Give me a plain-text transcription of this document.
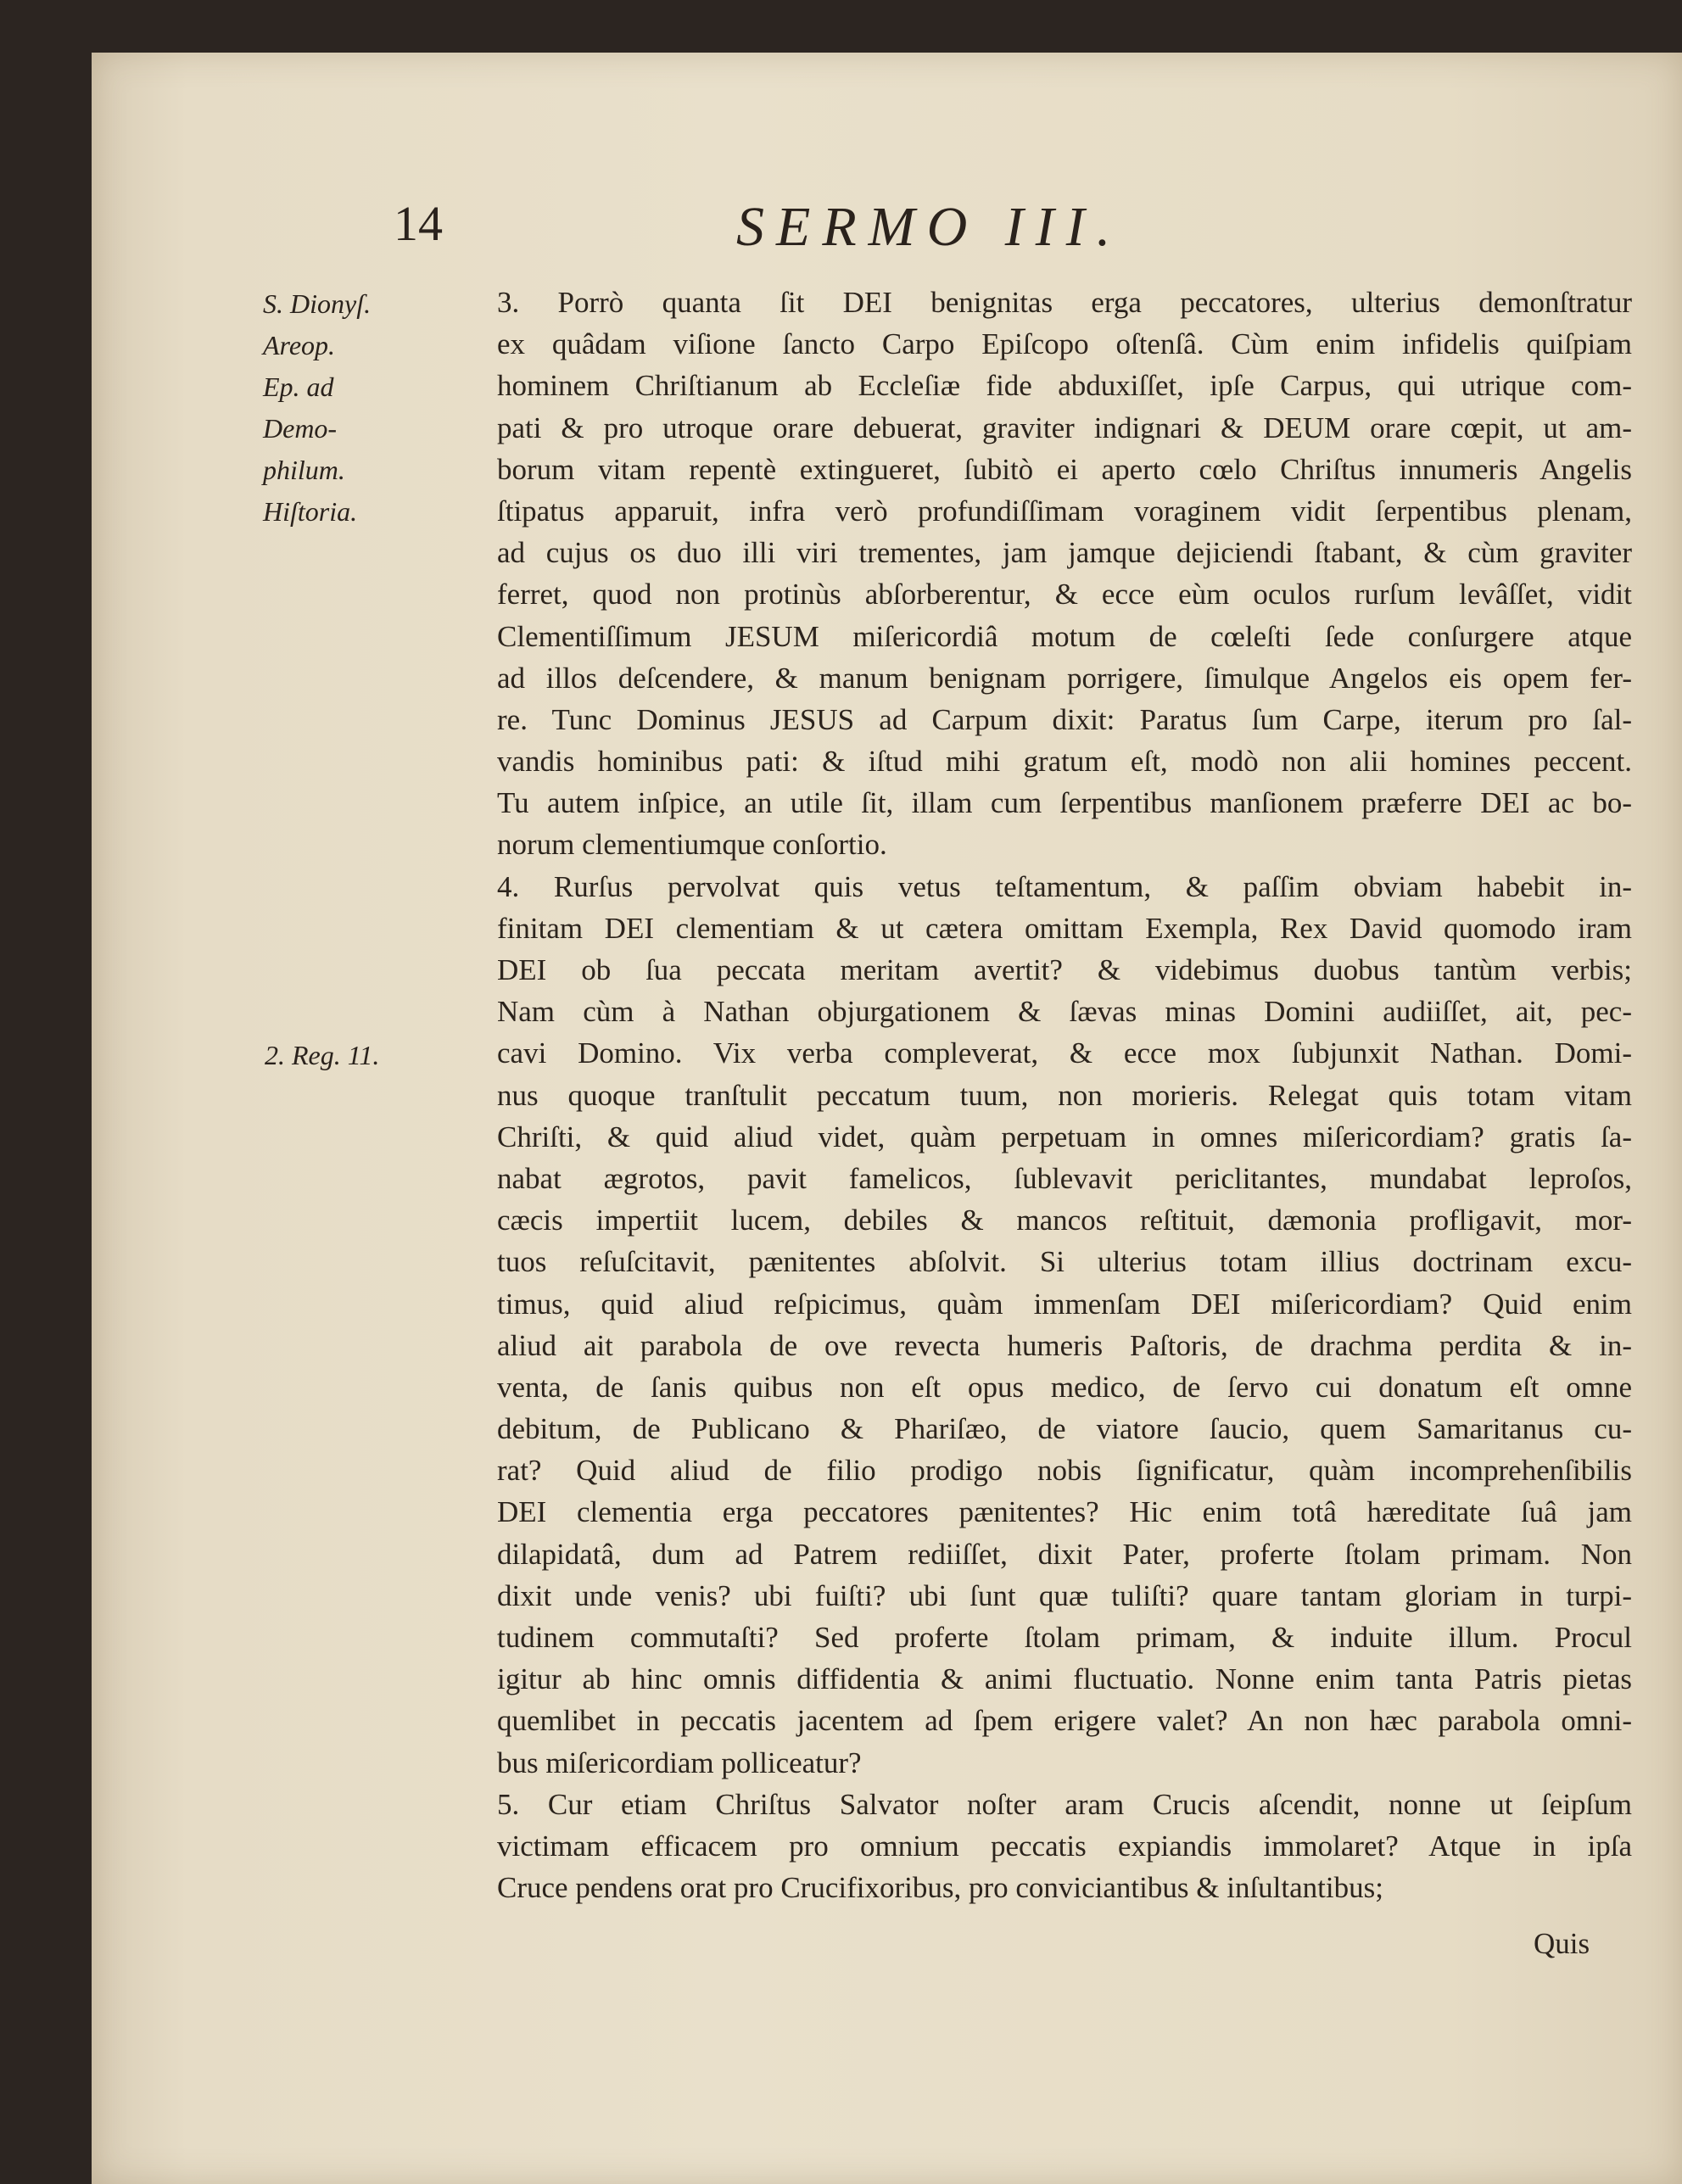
14	SERMO III.
S. Dionyſ.
Areop.
Ep. ad
Demo-
philum.
Hiſtoria.
2. Reg. 11.
3. Porrò quanta ſit DEI benignitas erga peccatores, ulterius demonſtratur
ex quâdam viſione ſancto Carpo Epiſcopo oſtenſâ. Cùm enim infidelis quiſpiam
hominem Chriſtianum ab Eccleſiæ fide abduxiſſet, ipſe Carpus, qui utrique com-
pati & pro utroque orare debuerat, graviter indignari & DEUM orare cœpit, ut am-
borum vitam repentè extingueret, ſubitò ei aperto cœlo Chriſtus innumeris Angelis
ſtipatus apparuit, infra verò profundiſſimam voraginem vidit ſerpentibus plenam,
ad cujus os duo illi viri trementes, jam jamque dejiciendi ſtabant, & cùm graviter
ferret, quod non protinùs abſorberentur, & ecce eùm oculos rurſum levâſſet, vidit
Clementiſſimum JESUM miſericordiâ motum de cœleſti ſede conſurgere atque
ad illos deſcendere, & manum benignam porrigere, ſimulque Angelos eis opem fer-
re. Tunc Dominus JESUS ad Carpum dixit: Paratus ſum Carpe, iterum pro ſal-
vandis hominibus pati: & iſtud mihi gratum eſt, modò non alii homines peccent.
Tu autem inſpice, an utile ſit, illam cum ſerpentibus manſionem præferre DEI ac bo-
norum clementiumque conſortio.
4. Rurſus pervolvat quis vetus teſtamentum, & paſſim obviam habebit in-
finitam DEI clementiam & ut cætera omittam Exempla, Rex David quomodo iram
DEI ob ſua peccata meritam avertit? & videbimus duobus tantùm verbis;
Nam cùm à Nathan objurgationem & ſævas minas Domini audiiſſet, ait, pec-
cavi Domino. Vix verba compleverat, & ecce mox ſubjunxit Nathan. Domi-
nus quoque tranſtulit peccatum tuum, non morieris. Relegat quis totam vitam
Chriſti, & quid aliud videt, quàm perpetuam in omnes miſericordiam? gratis ſa-
nabat ægrotos, pavit famelicos, ſublevavit periclitantes, mundabat leproſos,
cæcis impertiit lucem, debiles & mancos reſtituit, dæmonia profligavit, mor-
tuos reſuſcitavit, pænitentes abſolvit. Si ulterius totam illius doctrinam excu-
timus, quid aliud reſpicimus, quàm immenſam DEI miſericordiam? Quid enim
aliud ait parabola de ove revecta humeris Paſtoris, de drachma perdita & in-
venta, de ſanis quibus non eſt opus medico, de ſervo cui donatum eſt omne
debitum, de Publicano & Phariſæo, de viatore ſaucio, quem Samaritanus cu-
rat? Quid aliud de filio prodigo nobis ſignificatur, quàm incomprehenſibilis
DEI clementia erga peccatores pænitentes? Hic enim totâ hæreditate ſuâ jam
dilapidatâ, dum ad Patrem rediiſſet, dixit Pater, proferte ſtolam primam. Non
dixit unde venis? ubi fuiſti? ubi ſunt quæ tuliſti? quare tantam gloriam in turpi-
tudinem commutaſti? Sed proferte ſtolam primam, & induite illum. Procul
igitur ab hinc omnis diffidentia & animi fluctuatio. Nonne enim tanta Patris pietas
quemlibet in peccatis jacentem ad ſpem erigere valet? An non hæc parabola omni-
bus miſericordiam polliceatur?
5. Cur etiam Chriſtus Salvator noſter aram Crucis aſcendit, nonne ut ſeipſum
victimam efficacem pro omnium peccatis expiandis immolaret? Atque in ipſa
Cruce pendens orat pro Crucifixoribus, pro conviciantibus & inſultantibus;
Quis
